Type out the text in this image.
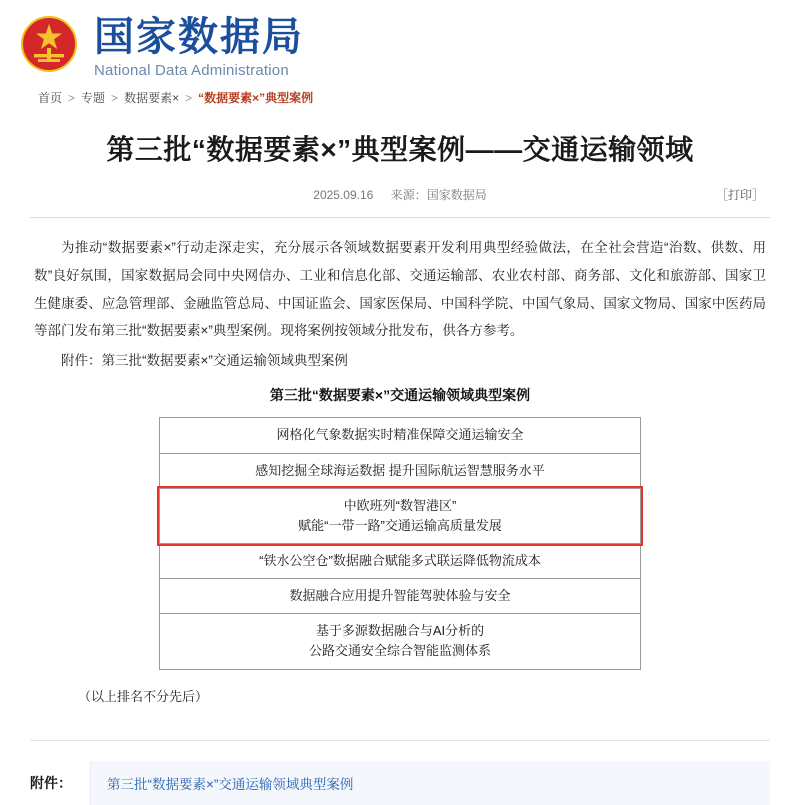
国家数据局
National Data Administration
首页 > 专题 > 数据要素× > “数据要素×”典型案例
第三批“数据要素×”典型案例——交通运输领域
2025.09.16 来源：国家数据局	［打印］

为推动“数据要素×”行动走深走实，充分展示各领域数据要素开发利用典型经验做法，在全社会营造“治数、供数、用数”良好氛围，国家数据局会同中央网信办、工业和信息化部、交通运输部、农业农村部、商务部、文化和旅游部、国家卫生健康委、应急管理部、金融监管总局、中国证监会、国家医保局、中国科学院、中国气象局、国家文物局、国家中医药局等部门发布第三批“数据要素×”典型案例。现将案例按领域分批发布，供各方参考。

附件：第三批“数据要素×”交通运输领域典型案例

第三批“数据要素×”交通运输领域典型案例
网格化气象数据实时精准保障交通运输安全
感知挖掘全球海运数据 提升国际航运智慧服务水平

中欧班列“数智港区”
赋能“一带一路”交通运输高质量发展

“铁水公空仓”数据融合赋能多式联运降低物流成本
数据融合应用提升智能驾驶体验与安全

基于多源数据融合与AI分析的
公路交通安全综合智能监测体系
（以上排名不分先后）
附件：	第三批“数据要素×”交通运输领域典型案例
